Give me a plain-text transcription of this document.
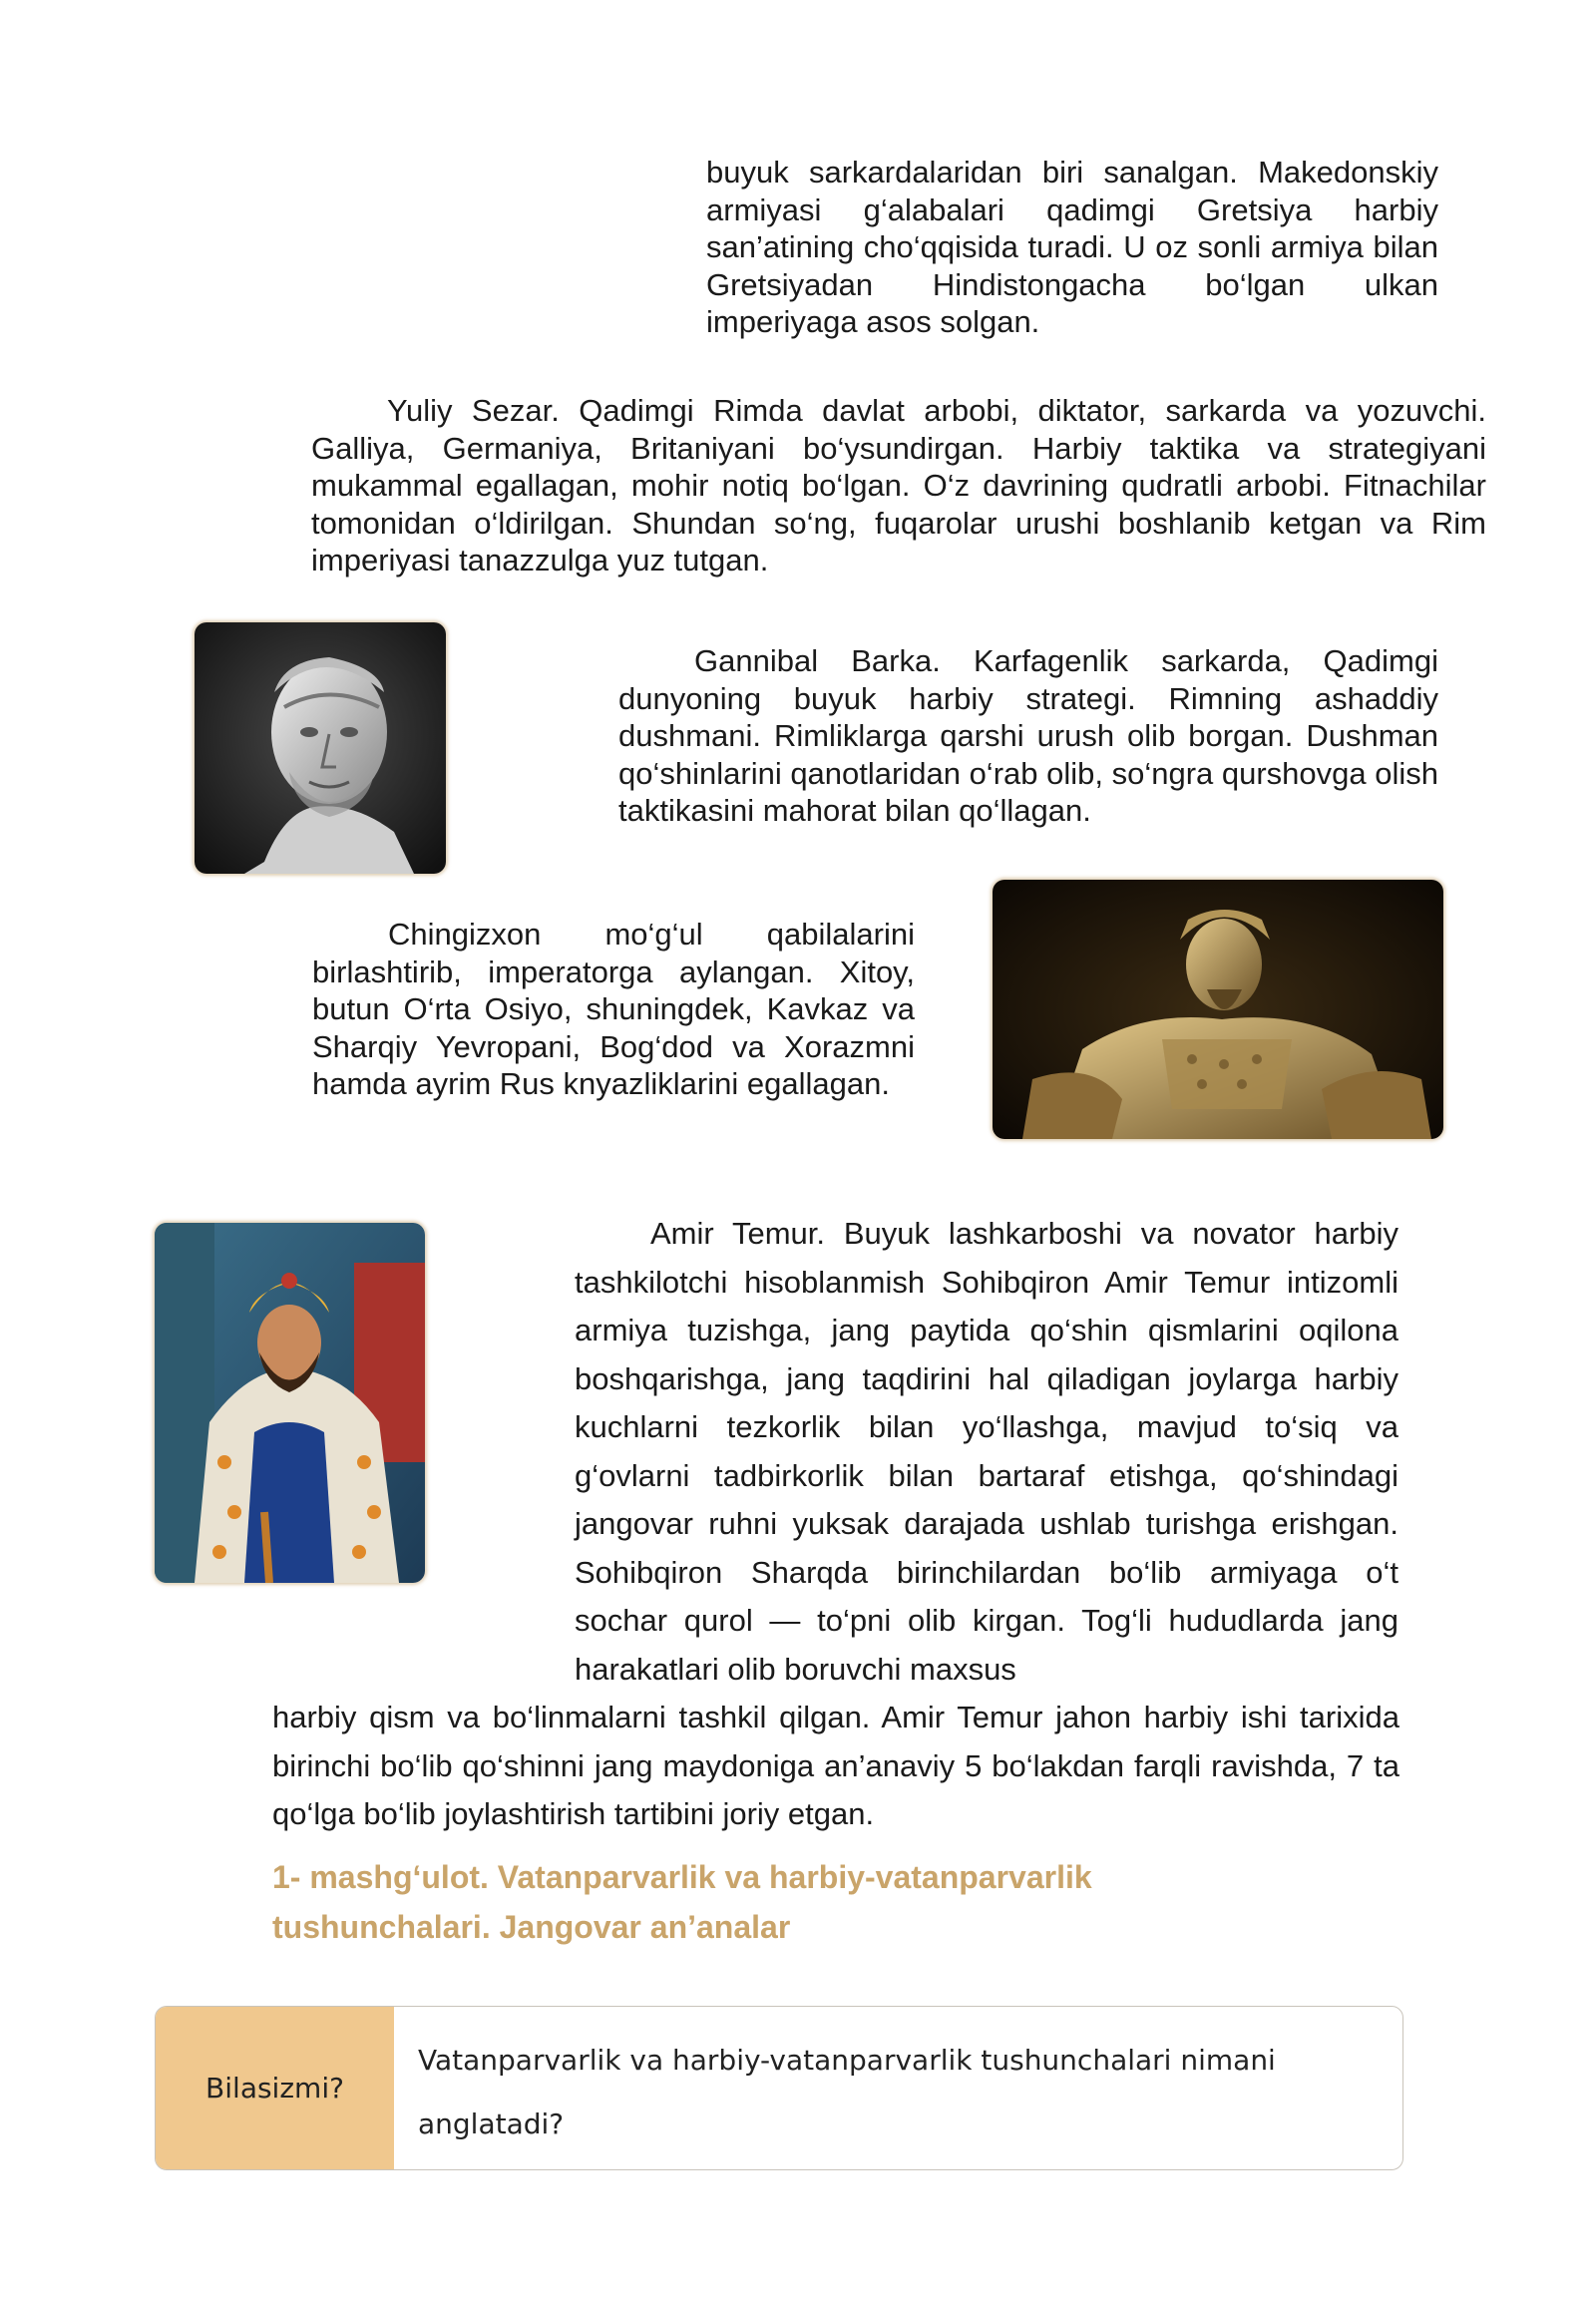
buyuk sarkardalaridan biri sanalgan. Makedonskiy armiyasi g‘alabalari qadimgi Gretsiya harbiy san’atining cho‘qqisida turadi. U oz sonli armiya bilan Gretsiyadan Hindistongacha bo‘lgan ulkan imperiyaga asos solgan.

Yuliy Sezar. Qadimgi Rimda davlat arbobi, diktator, sarkarda va yozuvchi. Galliya, Germaniya, Britaniyani bo‘ysundirgan. Harbiy taktika va strategiyani mukammal egallagan, mohir notiq bo‘lgan. O‘z davrining qudratli arbobi. Fitnachilar tomonidan o‘ldirilgan. Shundan so‘ng, fuqarolar urushi boshlanib ketgan va Rim imperiyasi tanazzulga yuz tutgan.

Gannibal Barka. Karfagenlik sarkarda, Qadimgi dunyoning buyuk harbiy strategi. Rimning ashaddiy dushmani. Rimliklarga qarshi urush olib borgan. Dushman qo‘shinlarini qanotlaridan o‘rab olib, so‘ngra qurshovga olish taktikasini mahorat bilan qo‘llagan.

Chingizxon mo‘g‘ul qabilalarini birlashtirib, imperatorga aylangan. Xitoy, butun O‘rta Osiyo, shuningdek, Kavkaz va Sharqiy Yevropani, Bog‘dod va Xorazmni hamda ayrim Rus knyazliklarini egallagan.

Amir Temur. Buyuk lashkarboshi va novator harbiy tashkilotchi hisoblanmish Sohibqiron Amir Temur intizomli armiya tuzishga, jang paytida qo‘shin qismlarini oqilona boshqarishga, jang taqdirini hal qiladigan joylarga harbiy kuchlarni tezkorlik bilan yo‘llashga, mavjud to‘siq va g‘ovlarni tadbirkorlik bilan bartaraf etishga, qo‘shindagi jangovar ruhni yuksak darajada ushlab turishga erishgan. Sohibqiron Sharqda birinchilardan bo‘lib armiyaga o‘t sochar qurol — to‘pni olib kirgan. Tog‘li hududlarda jang harakatlari olib boruvchi maxsus

harbiy qism va bo‘linmalarni tashkil qilgan. Amir Temur jahon harbiy ishi tarixida birinchi bo‘lib qo‘shinni jang maydoniga an’anaviy 5 bo‘lakdan farqli ravishda, 7 ta qo‘lga bo‘lib joylashtirish tartibini joriy etgan.

1- mashg‘ulot. Vatanparvarlik va harbiy-vatanparvarlik
tushunchalari. Jangovar an’analar
Bilasizmi?
Vatanparvarlik va harbiy-vatanparvarlik tushunchalari nimani anglatadi?
